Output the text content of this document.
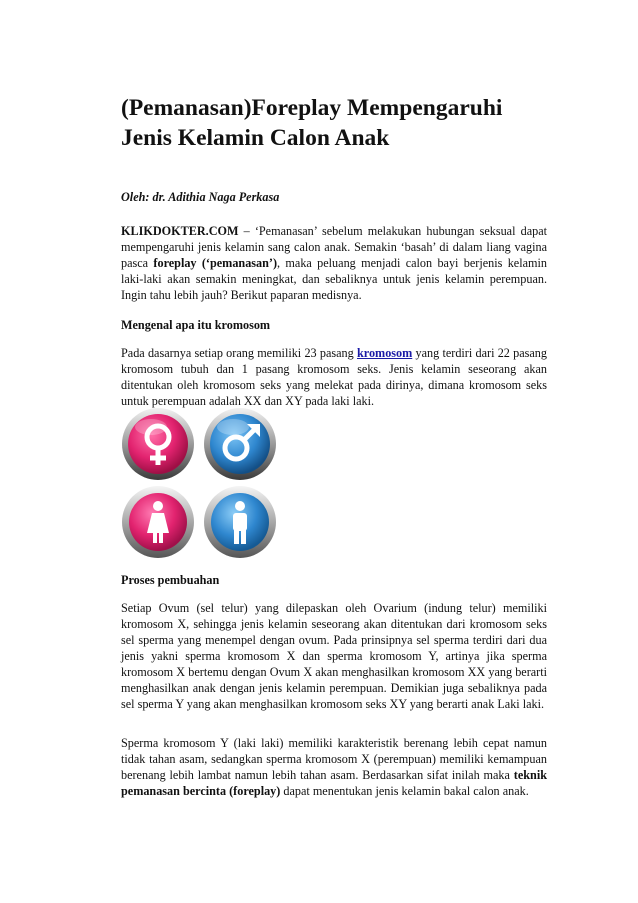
(Pemanasan)Foreplay Mempengaruhi
Jenis Kelamin Calon Anak
Oleh: dr. Adithia Naga Perkasa
KLIKDOKTER.COM – ‘Pemanasan’ sebelum melakukan hubungan seksual dapat mempengaruhi jenis kelamin sang calon anak. Semakin ‘basah’ di dalam liang vagina pasca foreplay (‘pemanasan’), maka peluang menjadi calon bayi berjenis kelamin laki-laki akan semakin meningkat, dan sebaliknya untuk jenis kelamin perempuan. Ingin tahu lebih jauh? Berikut paparan medisnya.
Mengenal apa itu kromosom
Pada dasarnya setiap orang memiliki 23 pasang kromosom yang terdiri dari 22 pasang kromosom tubuh dan 1 pasang kromosom seks. Jenis kelamin seseorang akan ditentukan oleh kromosom seks yang melekat pada dirinya, dimana kromosom seks untuk perempuan adalah XX dan XY pada laki laki.
Proses pembuahan
Setiap Ovum (sel telur) yang dilepaskan oleh Ovarium (indung telur) memiliki kromosom X, sehingga jenis kelamin seseorang akan ditentukan dari kromosom seks sel sperma yang menempel dengan ovum. Pada prinsipnya sel sperma terdiri dari dua jenis yakni sperma kromosom X dan sperma kromosom Y, artinya jika sperma kromosom X bertemu dengan Ovum X akan menghasilkan kromosom XX yang berarti menghasilkan anak dengan jenis kelamin perempuan. Demikian juga sebaliknya pada sel sperma Y yang akan menghasilkan kromosom seks XY yang berarti anak Laki laki.
Sperma kromosom Y (laki laki) memiliki karakteristik berenang lebih cepat namun tidak tahan asam, sedangkan sperma kromosom X (perempuan) memiliki kemampuan berenang lebih lambat namun lebih tahan asam. Berdasarkan sifat inilah maka teknik pemanasan bercinta (foreplay) dapat menentukan jenis kelamin bakal calon anak.
